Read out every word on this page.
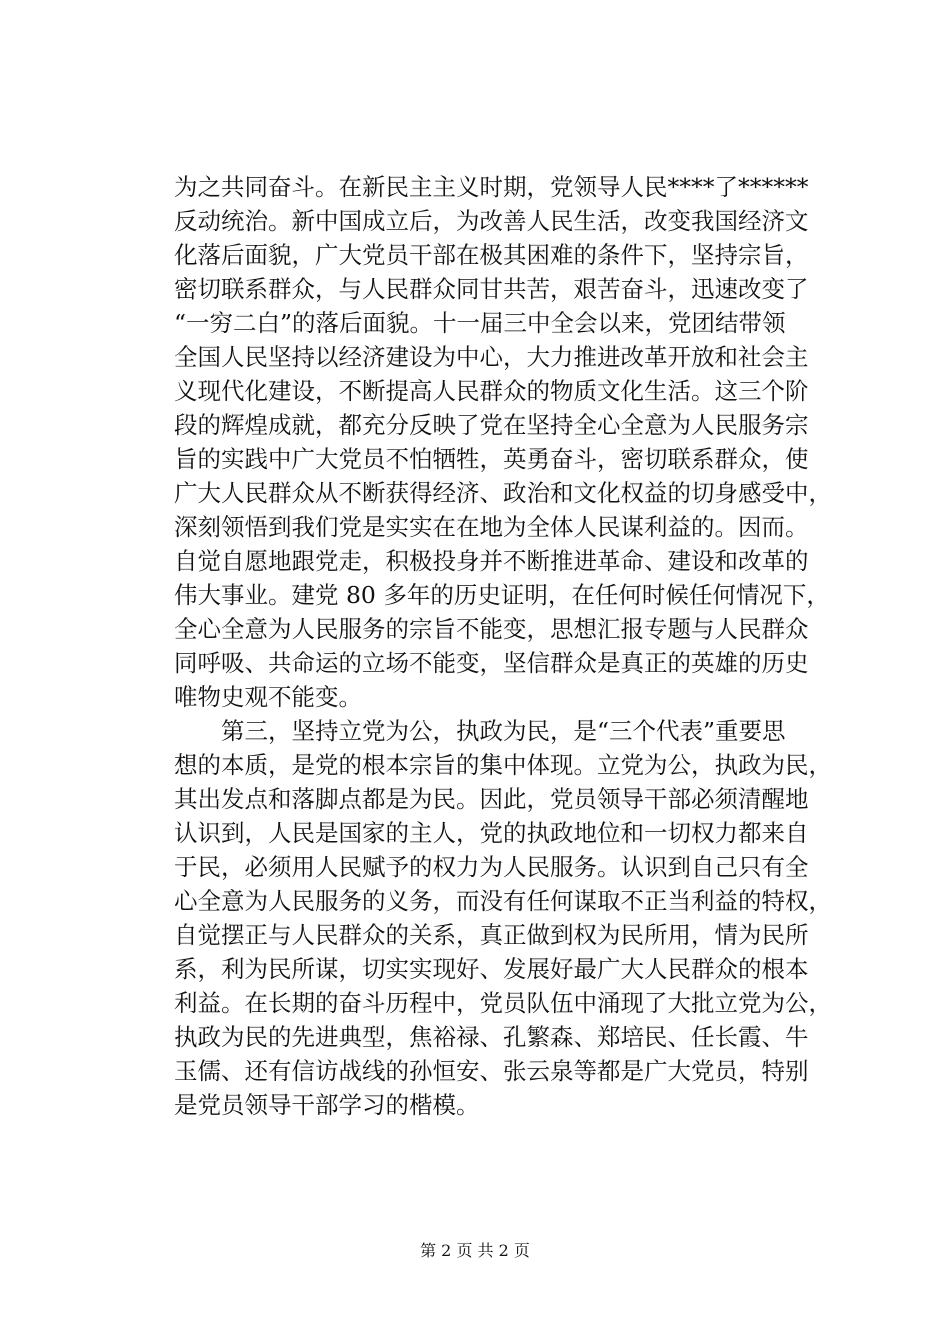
为之共同奋斗。在新民主主义时期，党领导人民****了******
反动统治。新中国成立后，为改善人民生活，改变我国经济文
化落后面貌，广大党员干部在极其困难的条件下，坚持宗旨，
密切联系群众，与人民群众同甘共苦，艰苦奋斗，迅速改变了
“一穷二白”的落后面貌。十一届三中全会以来，党团结带领
全国人民坚持以经济建设为中心，大力推进改革开放和社会主
义现代化建设，不断提高人民群众的物质文化生活。这三个阶
段的辉煌成就，都充分反映了党在坚持全心全意为人民服务宗
旨的实践中广大党员不怕牺牲，英勇奋斗，密切联系群众，使
广大人民群众从不断获得经济、政治和文化权益的切身感受中，
深刻领悟到我们党是实实在在地为全体人民谋利益的。因而。
自觉自愿地跟党走，积极投身并不断推进革命、建设和改革的
伟大事业。建党 80 多年的历史证明，在任何时候任何情况下，
全心全意为人民服务的宗旨不能变，思想汇报专题与人民群众
同呼吸、共命运的立场不能变，坚信群众是真正的英雄的历史
唯物史观不能变。
　　第三，坚持立党为公，执政为民，是“三个代表”重要思
想的本质，是党的根本宗旨的集中体现。立党为公，执政为民，
其出发点和落脚点都是为民。因此，党员领导干部必须清醒地
认识到，人民是国家的主人，党的执政地位和一切权力都来自
于民，必须用人民赋予的权力为人民服务。认识到自己只有全
心全意为人民服务的义务，而没有任何谋取不正当利益的特权，
自觉摆正与人民群众的关系，真正做到权为民所用，情为民所
系，利为民所谋，切实实现好、发展好最广大人民群众的根本
利益。在长期的奋斗历程中，党员队伍中涌现了大批立党为公，
执政为民的先进典型，焦裕禄、孔繁森、郑培民、任长霞、牛
玉儒、还有信访战线的孙恒安、张云泉等都是广大党员，特别
是党员领导干部学习的楷模。
第 2 页 共 2 页
